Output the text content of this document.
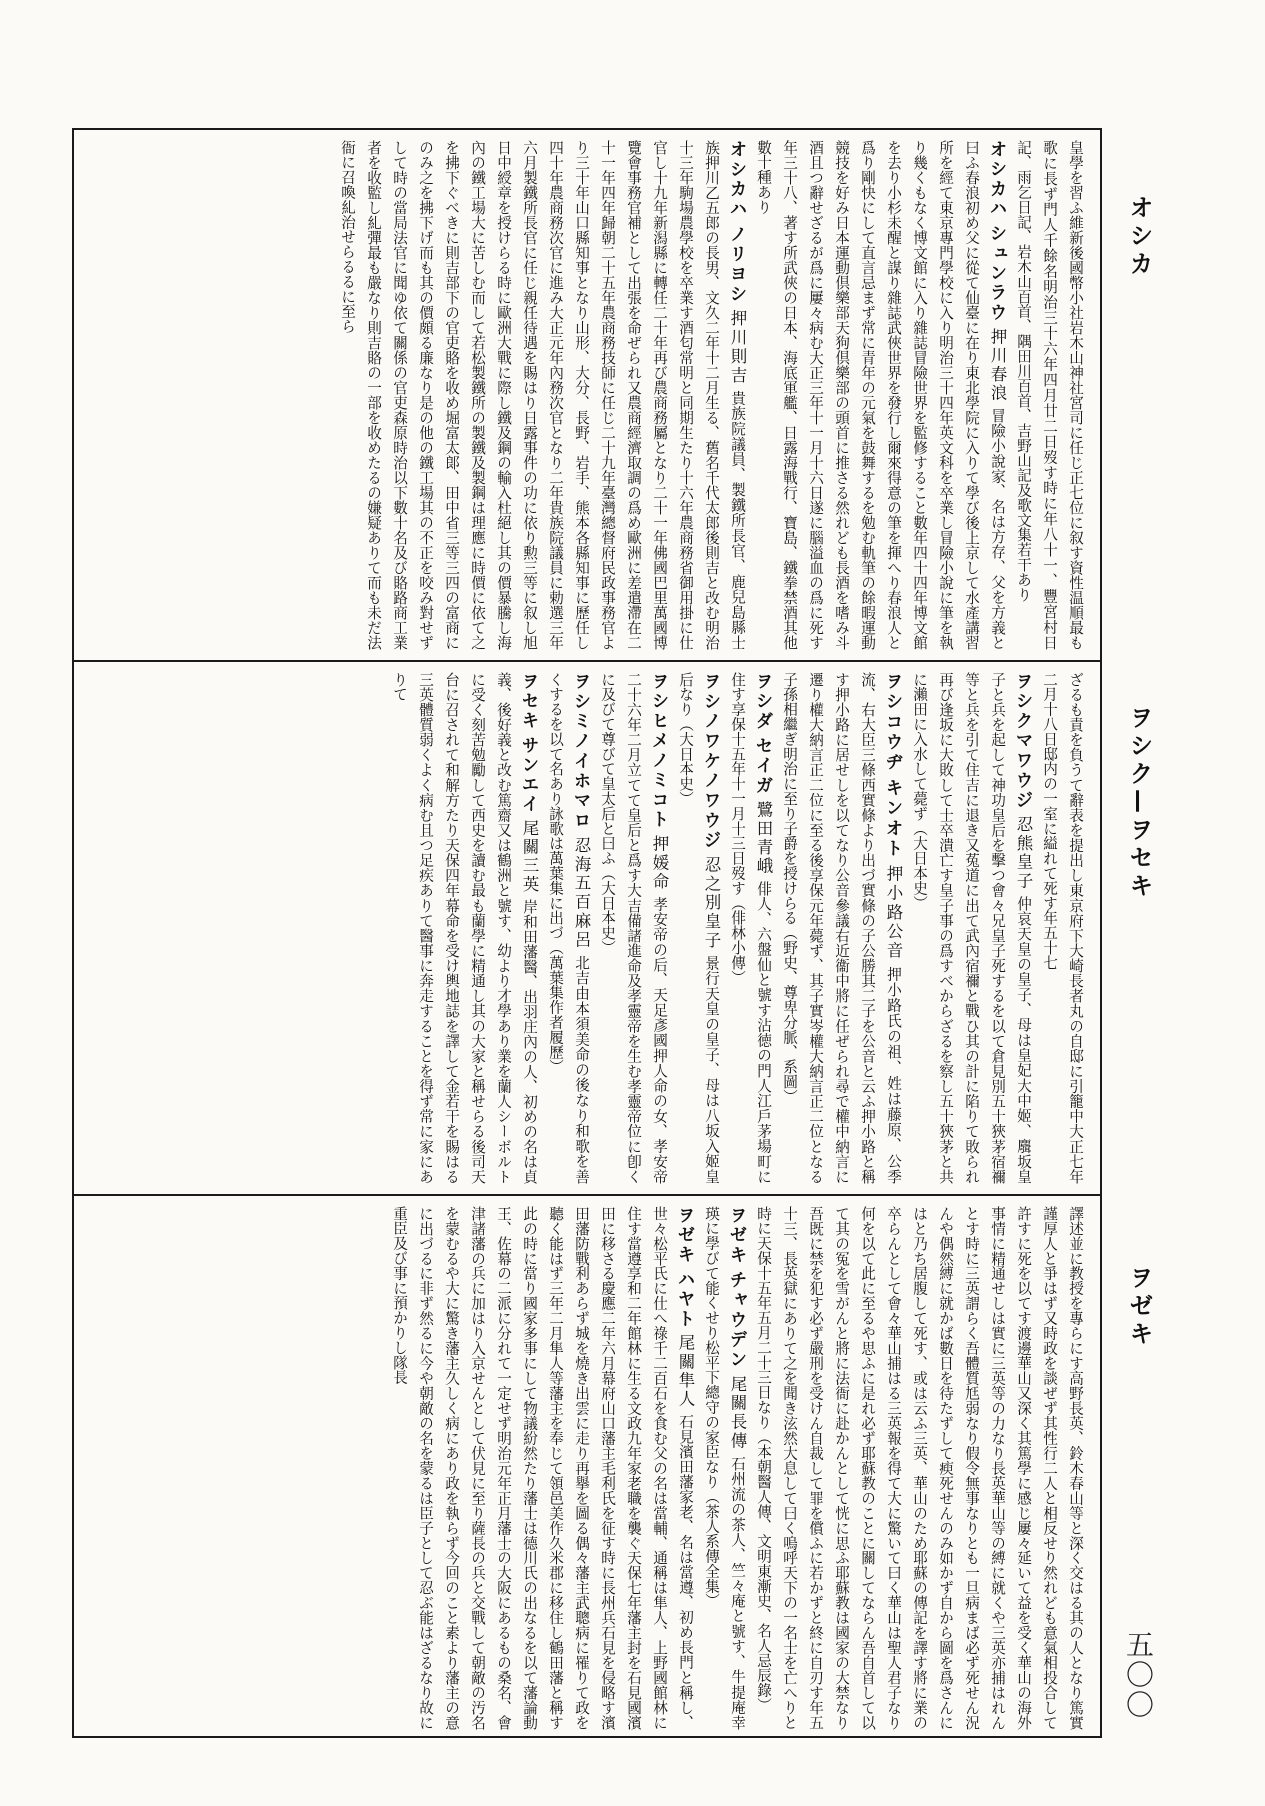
オシカ
ヲシク—ヲセキ
ヲゼキ
五〇〇
皇學を習ふ維新後國幣小社岩木山神社宮司に任じ正七位に叙す資性温順最も歌に長ず門人千餘名明治三十六年四月廿二日歿す時に年八十一、豐宮村日記、雨乞日記、岩木山百首、隅田川百首、吉野山記及歌文集若干あり
オシカハ シュンラウ 押川春浪 冒險小說家、名は方存、父を方義と曰ふ春浪初め父に從て仙臺に在り東北學院に入りて學び後上京して水產講習所を經て東京專門學校に入り明治三十四年英文科を卒業し冒險小說に筆を執り幾くもなく博文館に入り雜誌冒險世界を監修すること數年四十四年博文館を去り小杉未醒と謀り雜誌武俠世界を發行し爾來得意の筆を揮へり春浪人と爲り剛快にして直言忌まず常に青年の元氣を鼓舞するを勉む軌筆の餘暇運動競技を好み日本運動倶樂部天狗倶樂部の頭首に推さる然れども長酒を嗜み斗酒且つ辭せざるが爲に屢々病む大正三年十一月十六日遂に腦溢血の爲に死す年三十八、著す所武俠の日本、海底軍艦、日露海戰行、寶島、鐵拳禁酒其他數十種あり
オシカハ ノリヨシ 押川則吉 貴族院議員、製鐵所長官、鹿兒島縣士族押川乙五郎の長男、文久二年十二月生る、舊名千代太郎後則吉と改む明治十三年駒場農學校を卒業す酒匂常明と同期生たり十六年農商務省御用掛に仕官し十九年新潟縣に轉任二十年再び農商務屬となり二十一年佛國巴里萬國博覽會事務官補として出張を命ぜられ又農商經濟取調の爲め歐洲に差遣滯在二十一年四年歸朝二十五年農商務技師に任じ二十九年臺灣總督府民政事務官より三十年山口縣知事となり山形、大分、長野、岩手、熊本各縣知事に歷任し四十年農商務次官に進み大正元年內務次官となり二年貴族院議員に勅選三年六月製鐵所長官に任じ親任待遇を賜はり日露事件の功に依り勲三等に叙し旭日中綬章を授けらる時に歐洲大戰に際し鐵及鋼の輸入杜絕し其の價暴騰し海內の鐵工場大に苦しむ而して若松製鐵所の製鐵及製鋼は理應に時價に依て之を拂下ぐべきに則吉部下の官吏賂を收め堀富太郞、田中省三等三四の富商にのみ之を拂下げ而も其の價頗る廉なり是の他の鐵工場其の不正を咬み對せずして時の當局法官に聞ゆ依て關係の官吏森原時治以下數十名及び賂路商工業者を收監し糺彈最も嚴なり則吉賂の一部を收めたるの嫌疑ありて而も未だ法衙に召喚糺治せらるるに至ら
ざるも責を負うて辭表を提出し東京府下大崎長者丸の自邸に引籠中大正七年二月十八日邸内の一室に縊れて死す年五十七
ヲシクマワウジ 忍熊皇子 仲哀天皇の皇子、母は皇妃大中姬、麛坂皇子と兵を起して神功皇后を擊つ會々兄皇子死するを以て倉見別五十狹茅宿禰等と兵を引て住吉に退き又菟道に出て武內宿禰と戰ひ其の計に陷りて敗られ再び逢坂に大敗して士卒潰亡す皇子事の爲すべからざるを察し五十狹茅と共に瀨田に入水して薨ず（大日本史）
ヲシコウヂ キンオト 押小路公音 押小路氏の祖、姓は藤原、公季流、右大臣三條西實條より出づ實條の子公勝其二子を公音と云ふ押小路と稱す押小路に居せしを以てなり公音參議右近衞中將に任ぜられ尋で權中納言に遷り權大納言正二位に至る後享保元年薨ず、其子實岑權大納言正二位となる子孫相繼ぎ明治に至り子爵を授けらる（野史、尊卑分脈、系圖）
ヲシダ セイガ 鷺田青峨 俳人、六盤仙と號す沾徳の門人江戶茅場町に住す享保十五年十一月十三日歿す（俳林小傳）
ヲシノワケノワウジ 忍之別皇子 景行天皇の皇子、母は八坂入姬皇后なり（大日本史）
ヲシヒメノミコト 押媛命 孝安帝の后、天足彥國押人命の女、孝安帝二十六年二月立てて皇后と爲す大吉備諸進命及孝靈帝を生む孝靈帝位に卽くに及びて尊びて皇太后と曰ふ（大日本史）
ヲシミノイホマロ 忍海五百麻呂 北吉由本須美命の後なり和歌を善くするを以て名あり詠歌は萬葉集に出づ（萬葉集作者履歷）
ヲセキ サンエイ 尾關三英 岸和田藩醫、出羽庄內の人、初めの名は貞義、後好義と改む篤齋又は鶴洲と號す、幼より才學あり業を蘭人シーボルトに受く刻苦勉勵して西史を讀む最も蘭學に精通し其の大家と稱せらる後司天台に召されて和解方たり天保四年幕命を受け輿地誌を譯して金若干を賜はる三英體質弱くよく病む且つ足疾ありて醫事に奔走することを得ず常に家にありて
譯述並に教授を專らにす高野長英、鈴木春山等と深く交はる其の人となり篤實謹厚人と爭はず又時政を談ぜず其性行二人と相反せり然れども意氣相投合して許すに死を以てす渡邊華山又深く其篤學に感じ屢々延いて益を受く華山の海外事情に精通せしは實に三英等の力なり長英華山等の縛に就くや三英亦捕はれんとす時に三英謂らく吾體質尪弱なり假令無事なりとも一旦病まば必ず死せん況んや偶然縛に就かば數日を待たずして瘐死せんのみ如かず自から圖を爲さんにはと乃ち居腹して死す、或は云ふ三英、華山のため耶蘇の傳記を譯す將に業の卒らんとして會々華山捕はる三英報を得て大に驚いて曰く華山は聖人君子なり何を以て此に至るや思ふに是れ必ず耶蘇教のことに關してならん吾自首して以て其の冤を雪がんと將に法衙に赴かんとして恍に思ふ耶蘇教は國家の大禁なり吾既に禁を犯す必ず嚴刑を受けん自裁して罪を償ふに若かずと終に自刃す年五十三、長英獄にありて之を聞き泫然大息して曰く嗚呼天下の一名士を亡へりと時に天保十五年五月二十三日なり（本朝醫人傳、文明東漸史、名人忌辰錄）
ヲゼキ チャウデン 尾關長傳 石州流の茶人、竺々庵と號す、牛提庵幸瑛に學びて能くせり松平下總守の家臣なり（茶人系傳全集）
ヲゼキ ハヤト 尾關隼人 石見濱田藩家老、名は當遵、初め長門と稱し、世々松平氏に仕へ祿千二百石を食む父の名は當輔、通稱は隼人、上野國館林に住す當遵享和二年館林に生る文政九年家老職を襲ぐ天保七年藩主封を石見國濱田に移さる慶應二年六月幕府山口藩主毛利氏を征す時に長州兵石見を侵略す濱田藩防戰利あらず城を燒き出雲に走り再擧を圖る偶々藩主武聰病に罹りて政を聽く能はず三年二月隼人等藩主を奉じて領邑美作久米郡に移住し鶴田藩と稱す此の時に當り國家多事にして物議紛然たり藩士は德川氏の出なるを以て藩論動王、佐幕の二派に分れて一定せず明治元年正月藩士の大阪にあるもの桑名、會津諸藩の兵に加はり入京せんとして伏見に至り薩長の兵と交戰して朝敵の汚名を蒙むるや大に驚き藩主久しく病にあり政を執らず今回のこと素より藩主の意に出づるに非ず然るに今や朝敵の名を蒙るは臣子として忍ぶ能はざるなり故に重臣及び事に預かりし隊長
